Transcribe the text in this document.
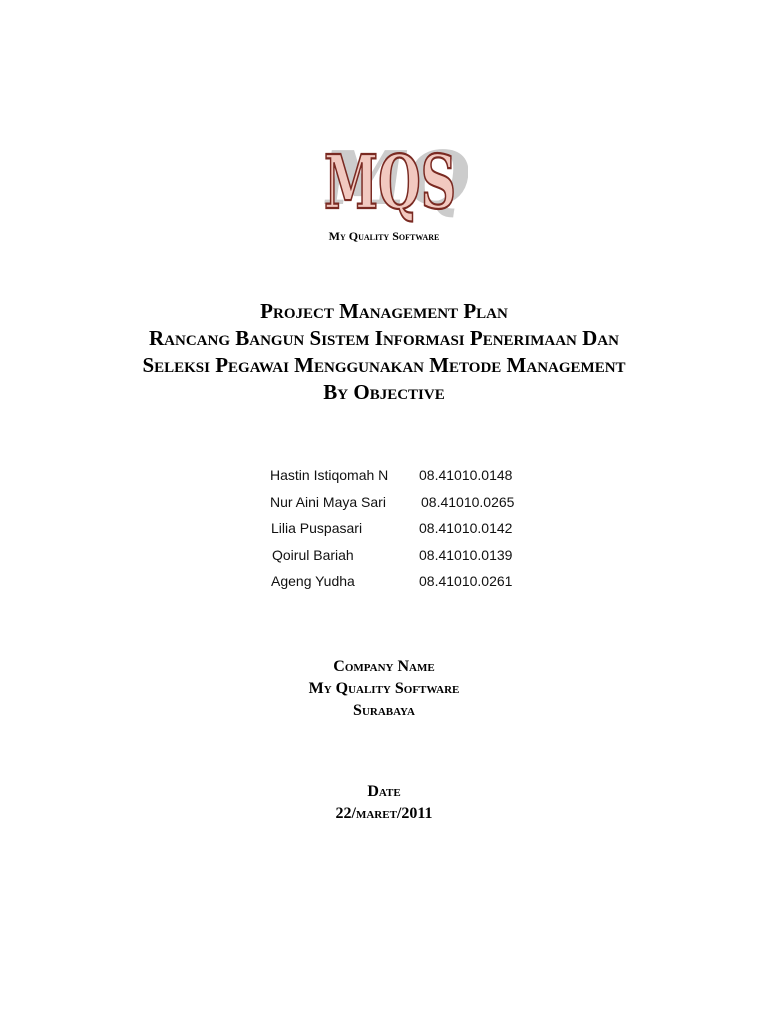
MQS
MQS
My Quality Software
Project Management Plan
Rancang Bangun Sistem Informasi Penerimaan Dan
Seleksi Pegawai Menggunakan Metode Management
By Objective
Hastin Istiqomah N 08.41010.0148
Nur Aini Maya Sari	08.41010.0265
Lilia Puspasari	08.41010.0142
Qoirul Bariah	08.41010.0139
Ageng Yudha	08.41010.0261
Company Name
My Quality Software
Surabaya
Date
22/maret/2011
